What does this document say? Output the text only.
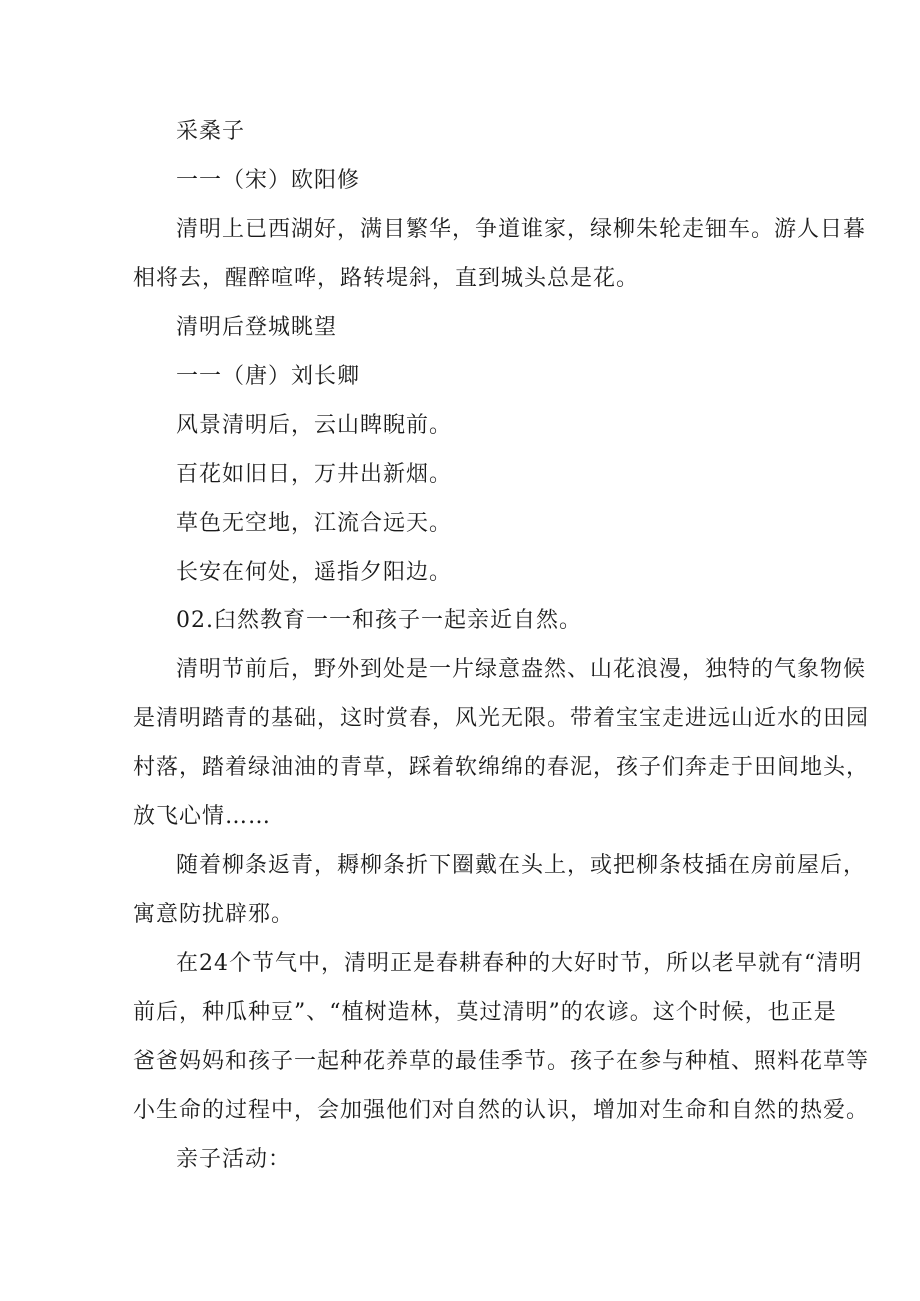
采桑子

一一（宋）欧阳修

清明上已西湖好，满目繁华，争道谁家，绿柳朱轮走钿车。游人日暮

相将去，醒醉喧哗，路转堤斜，直到城头总是花。

清明后登城眺望

一一（唐）刘长卿

风景清明后，云山睥睨前。

百花如旧日，万井出新烟。

草色无空地，江流合远天。

长安在何处，遥指夕阳边。

02.臼然教育一一和孩子一起亲近自然。

清明节前后，野外到处是一片绿意盎然、山花浪漫，独特的气象物候

是清明踏青的基础，这时赏春，风光无限。带着宝宝走进远山近水的田园

村落，踏着绿油油的青草，踩着软绵绵的春泥，孩子们奔走于田间地头，

放飞心情……

随着柳条返青，耨柳条折下圈戴在头上，或把柳条枝插在房前屋后，

寓意防扰辟邪。

在24个节气中，清明正是春耕春种的大好时节，所以老早就有“清明

前后，种瓜种豆”、“植树造林，莫过清明”的农谚。这个时候，也正是

爸爸妈妈和孩子一起种花养草的最佳季节。孩子在参与种植、照料花草等

小生命的过程中，会加强他们对自然的认识，增加对生命和自然的热爱。

亲子活动：
